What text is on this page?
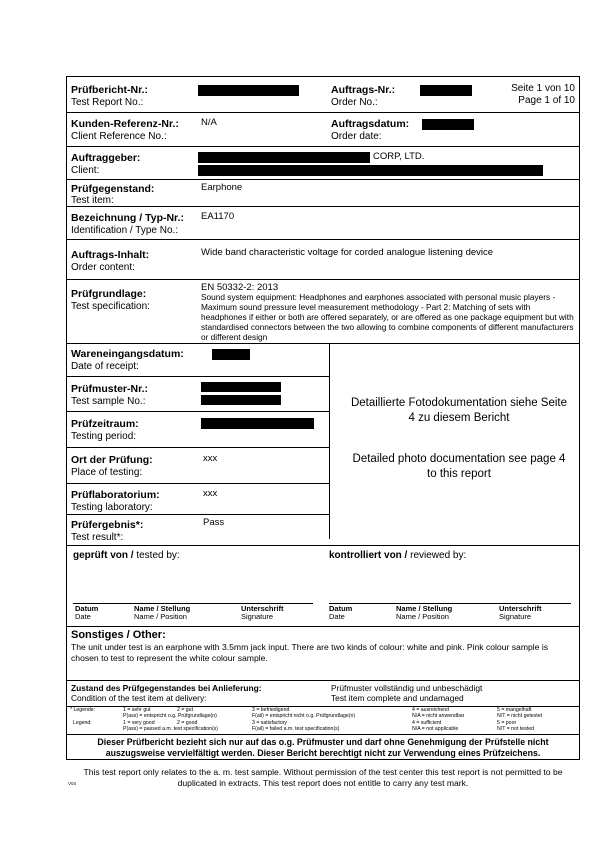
Prüfbericht-Nr.:
Test Report No.:
Auftrags-Nr.:
Order No.:
Seite 1 von 10
Page 1 of 10
Kunden-Referenz-Nr.:
Client Reference No.:
N/A	Auftragsdatum:
Order date:
Auftraggeber:
Client:
CORP, LTD.
Prüfgegenstand:
Test item:
Earphone
Bezeichnung / Typ-Nr.:
Identification / Type No.:
EA1170
Auftrags-Inhalt:
Order content:
Wide band characteristic voltage for corded analogue listening device
Prüfgrundlage:
Test specification:
EN 50332-2: 2013
Sound system equipment: Headphones and earphones associated with personal music players - Maximum sound pressure level measurement methodology - Part 2: Matching of sets with headphones if either or both are offered separately, or are offered as one package equipment but with standardised connectors between the two allowing to combine components of different manufacturers or different design
Wareneingangsdatum:
Date of receipt:
Prüfmuster-Nr.:
Test sample No.:
Prüfzeitraum:
Testing period:
Ort der Prüfung:
Place of testing:
xxx
Prüflaboratorium:
Testing laboratory:
xxx
Prüfergebnis*:
Test result*:
Pass
Detaillierte Fotodokumentation siehe Seite 4 zu diesem Bericht
Detailed photo documentation see page 4 to this report
geprüft von / tested by:	kontrolliert von / reviewed by:
Datum
Date
Name / Stellung
Name / Position
Unterschrift
Signature
Datum
Date
Name / Stellung
Name / Position
Unterschrift
Signature
Sonstiges / Other:
The unit under test is an earphone with 3.5mm jack input. There are two kinds of colour: white and pink. Pink colour sample is chosen to test to represent the white colour sample.
Zustand des Prüfgegenstandes bei Anlieferung:
Condition of the test item at delivery:
Prüfmuster vollständig und unbeschädigt
Test item complete and undamaged
* Legende:	1 = sehr gut	2 = gut	3 = befriedigend	4 = ausreichend	5 = mangelhaft
P(ass) = entspricht o.g. Prüfgrundlage(n)	F(ail) = entspricht nicht o.g. Prüfgrundlage(n)	N/A = nicht anwendbar	N/T = nicht getestet
Legend:	1 = very good	2 = good	3 = satisfactory	4 = sufficient	5 = poor
P(ass) = passed a.m. test specification(s)	F(ail) = failed a.m. test specification(s)	N/A = not applicable	N/T = not tested
Dieser Prüfbericht bezieht sich nur auf das o.g. Prüfmuster und darf ohne Genehmigung der Prüfstelle nicht auszugsweise vervielfältigt werden. Dieser Bericht berechtigt nicht zur Verwendung eines Prüfzeichens.
This test report only relates to the a. m. test sample. Without permission of the test center this test report is not permitted to be duplicated in extracts. This test report does not entitle to carry any test mark.
V04
